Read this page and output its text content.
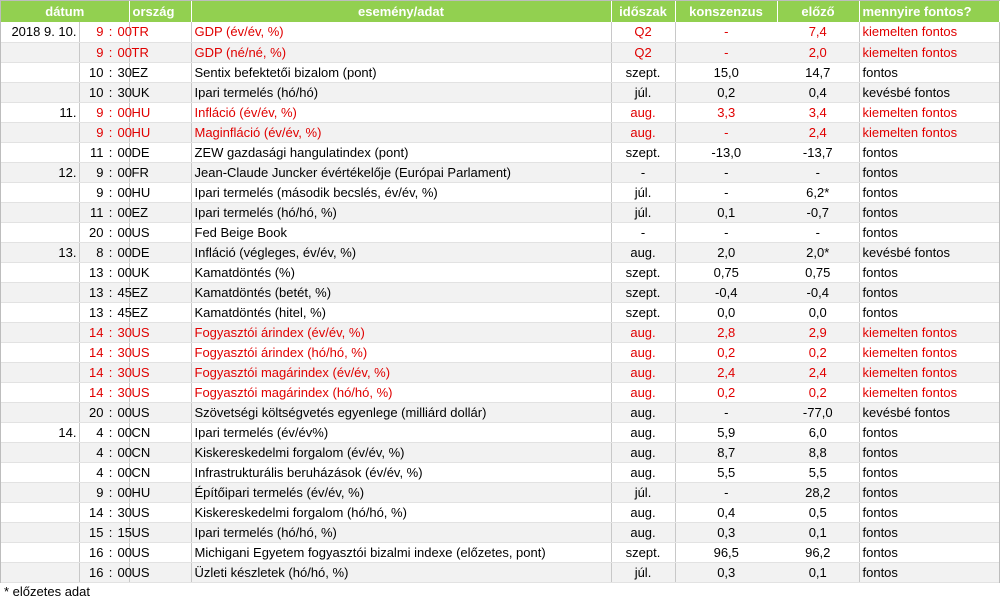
dátum		ország	esemény/adat	időszak	konszenzus	előző	mennyire fontos?
2018 9. 10.	9 : 00	TR	GDP (év/év, %)	Q2	-	7,4	kiemelten fontos
	9 : 00	TR	GDP (né/né, %)	Q2	-	2,0	kiemelten fontos
	10 : 30	EZ	Sentix befektetői bizalom (pont)	szept.	15,0	14,7	fontos
	10 : 30	UK	Ipari termelés (hó/hó)	júl.	0,2	0,4	kevésbé fontos
11.	9 : 00	HU	Infláció (év/év, %)	aug.	3,3	3,4	kiemelten fontos
	9 : 00	HU	Maginfláció (év/év, %)	aug.	-	2,4	kiemelten fontos
	11 : 00	DE	ZEW gazdasági hangulatindex (pont)	szept.	-13,0	-13,7	fontos
12.	9 : 00	FR	Jean-Claude Juncker évértékelője (Európai Parlament)	-	-	-	fontos
	9 : 00	HU	Ipari termelés (második becslés, év/év, %)	júl.	-	6,2*	fontos
	11 : 00	EZ	Ipari termelés (hó/hó, %)	júl.	0,1	-0,7	fontos
	20 : 00	US	Fed Beige Book	-	-	-	fontos
13.	8 : 00	DE	Infláció (végleges, év/év, %)	aug.	2,0	2,0*	kevésbé fontos
	13 : 00	UK	Kamatdöntés (%)	szept.	0,75	0,75	fontos
	13 : 45	EZ	Kamatdöntés (betét, %)	szept.	-0,4	-0,4	fontos
	13 : 45	EZ	Kamatdöntés (hitel, %)	szept.	0,0	0,0	fontos
	14 : 30	US	Fogyasztói árindex (év/év, %)	aug.	2,8	2,9	kiemelten fontos
	14 : 30	US	Fogyasztói árindex (hó/hó, %)	aug.	0,2	0,2	kiemelten fontos
	14 : 30	US	Fogyasztói magárindex (év/év, %)	aug.	2,4	2,4	kiemelten fontos
	14 : 30	US	Fogyasztói magárindex (hó/hó, %)	aug.	0,2	0,2	kiemelten fontos
	20 : 00	US	Szövetségi költségvetés egyenlege (milliárd dollár)	aug.	-	-77,0	kevésbé fontos
14.	4 : 00	CN	Ipari termelés (év/év%)	aug.	5,9	6,0	fontos
	4 : 00	CN	Kiskereskedelmi forgalom (év/év, %)	aug.	8,7	8,8	fontos
	4 : 00	CN	Infrastrukturális beruházások (év/év, %)	aug.	5,5	5,5	fontos
	9 : 00	HU	Építőipari termelés (év/év, %)	júl.	-	28,2	fontos
	14 : 30	US	Kiskereskedelmi forgalom (hó/hó, %)	aug.	0,4	0,5	fontos
	15 : 15	US	Ipari termelés (hó/hó, %)	aug.	0,3	0,1	fontos
	16 : 00	US	Michigani Egyetem fogyasztói bizalmi indexe (előzetes, pont)	szept.	96,5	96,2	fontos
	16 : 00	US	Üzleti készletek (hó/hó, %)	júl.	0,3	0,1	fontos
* előzetes adat
